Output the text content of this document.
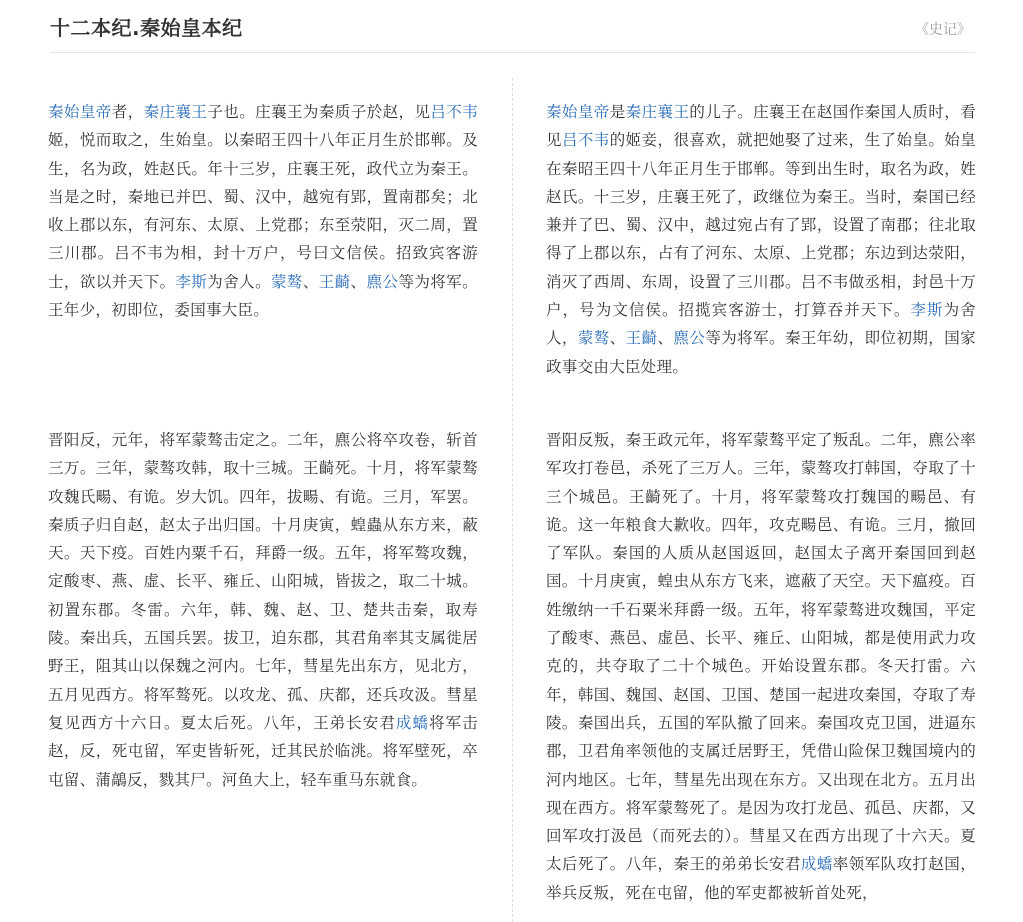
十二本纪.秦始皇本纪	《史记》

秦始皇帝者，秦庄襄王子也。庄襄王为秦质子於赵，见吕不韦姬，悦而取之，生始皇。以秦昭王四十八年正月生於邯郸。及生，名为政，姓赵氏。年十三岁，庄襄王死，政代立为秦王。当是之时，秦地已并巴、蜀、汉中，越宛有郢，置南郡矣；北收上郡以东，有河东、太原、上党郡；东至荥阳，灭二周，置三川郡。吕不韦为相，封十万户，号曰文信侯。招致宾客游士，欲以并天下。李斯为舍人。蒙骜、王齮、麃公等为将军。王年少，初即位，委国事大臣。

秦始皇帝是秦庄襄王的儿子。庄襄王在赵国作秦国人质时，看见吕不韦的姬妾，很喜欢，就把她娶了过来，生了始皇。始皇在秦昭王四十八年正月生于邯郸。等到出生时，取名为政，姓赵氏。十三岁，庄襄王死了，政继位为秦王。当时，秦国已经兼并了巴、蜀、汉中，越过宛占有了郢，设置了南郡；往北取得了上郡以东，占有了河东、太原、上党郡；东边到达荥阳，消灭了西周、东周，设置了三川郡。吕不韦做丞相，封邑十万户，号为文信侯。招揽宾客游士，打算吞并天下。李斯为舍人，蒙骜、王齮、麃公等为将军。秦王年幼，即位初期，国家政事交由大臣处理。

晋阳反，元年，将军蒙骜击定之。二年，麃公将卒攻卷，斩首三万。三年，蒙骜攻韩，取十三城。王齮死。十月，将军蒙骜攻魏氏畼、有诡。岁大饥。四年，拔畼、有诡。三月，军罢。秦质子归自赵，赵太子出归国。十月庚寅，蝗蟲从东方来，蔽天。天下疫。百姓内粟千石，拜爵一级。五年，将军骜攻魏，定酸枣、燕、虚、长平、雍丘、山阳城，皆拔之，取二十城。初置东郡。冬雷。六年，韩、魏、赵、卫、楚共击秦，取寿陵。秦出兵，五国兵罢。拔卫，迫东郡，其君角率其支属徙居野王，阻其山以保魏之河内。七年，彗星先出东方，见北方，五月见西方。将军骜死。以攻龙、孤、庆都，还兵攻汲。彗星复见西方十六日。夏太后死。八年，王弟长安君成蟜将军击赵，反，死屯留，军吏皆斩死，迁其民於临洮。将军壁死，卒屯留、蒲鶮反，戮其尸。河鱼大上，轻车重马东就食。

晋阳反叛，秦王政元年，将军蒙骜平定了叛乱。二年，麃公率军攻打卷邑，杀死了三万人。三年，蒙骜攻打韩国，夺取了十三个城邑。王齮死了。十月，将军蒙骜攻打魏国的畼邑、有诡。这一年粮食大歉收。四年，攻克畼邑、有诡。三月，撤回了军队。秦国的人质从赵国返回，赵国太子离开秦国回到赵国。十月庚寅，蝗虫从东方飞来，遮蔽了天空。天下瘟疫。百姓缴纳一千石粟米拜爵一级。五年，将军蒙骜进攻魏国，平定了酸枣、燕邑、虚邑、长平、雍丘、山阳城，都是使用武力攻克的，共夺取了二十个城色。开始设置东郡。冬天打雷。六年，韩国、魏国、赵国、卫国、楚国一起进攻秦国，夺取了寿陵。秦国出兵，五国的军队撤了回来。秦国攻克卫国，进逼东郡，卫君角率领他的支属迁居野王，凭借山险保卫魏国境内的河内地区。七年，彗星先出现在东方。又出现在北方。五月出现在西方。将军蒙骜死了。是因为攻打龙邑、孤邑、庆都，又回军攻打汲邑（而死去的）。彗星又在西方出现了十六天。夏太后死了。八年，秦王的弟弟长安君成蟜率领军队攻打赵国，举兵反叛，死在屯留，他的军吏都被斩首处死，
